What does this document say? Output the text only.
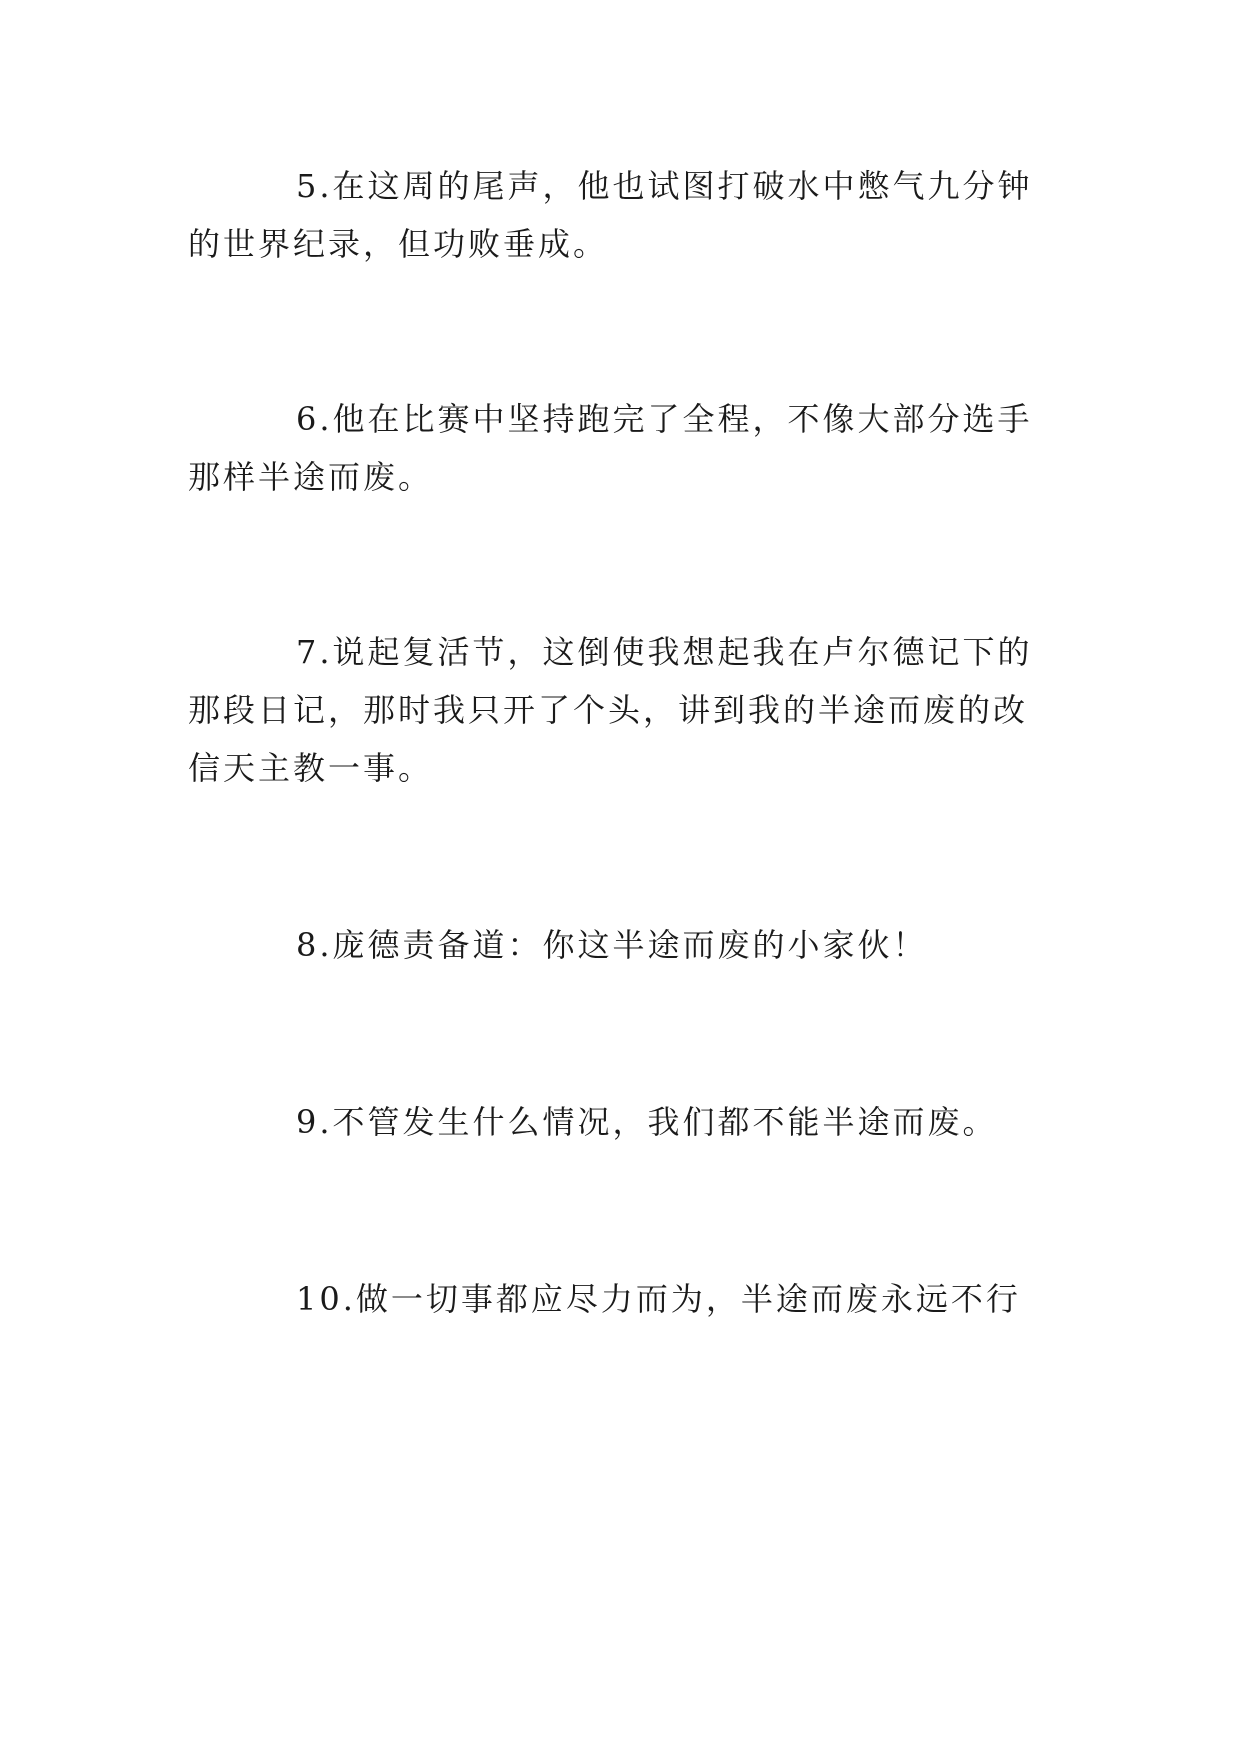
5.在这周的尾声，他也试图打破水中憋气九分钟的世界纪录，但功败垂成。

6.他在比赛中坚持跑完了全程，不像大部分选手那样半途而废。

7.说起复活节，这倒使我想起我在卢尔德记下的那段日记，那时我只开了个头，讲到我的半途而废的改信天主教一事。

8.庞德责备道：你这半途而废的小家伙！

9.不管发生什么情况，我们都不能半途而废。

10.做一切事都应尽力而为，半途而废永远不行
